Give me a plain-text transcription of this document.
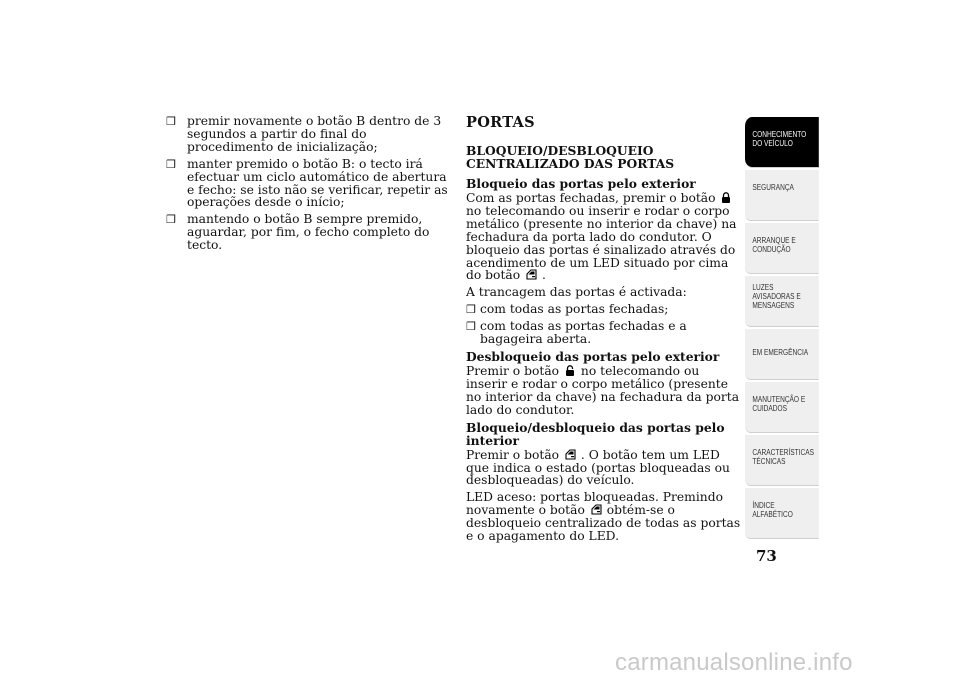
❒ premir novamente o botão B dentro de 3 segundos a partir do final do procedimento de inicialização;
❒ manter premido o botão B: o tecto irá efectuar um ciclo automático de abertura e fecho: se isto não se verificar, repetir as operações desde o início;
❒ mantendo o botão B sempre premido, aguardar, por fim, o fecho completo do tecto.
PORTAS
BLOQUEIO/DESBLOQUEIO CENTRALIZADO DAS PORTAS
Bloqueio das portas pelo exterior

Com as portas fechadas, premir o botão
no telecomando ou inserir e rodar o corpo metálico (presente no interior da chave) na fechadura da porta lado do condutor. O bloqueio das portas é sinalizado através do acendimento de um LED situado por cima do botão .

A trancagem das portas é activada:

❒ com todas as portas fechadas;
❒ com todas as portas fechadas e a bagageira aberta.
Desbloqueio das portas pelo exterior

Premir o botão no telecomando ou inserir e rodar o corpo metálico (presente no interior da chave) na fechadura da porta lado do condutor.

Bloqueio/desbloqueio das portas pelo interior

Premir o botão . O botão tem um LED que indica o estado (portas bloqueadas ou desbloqueadas) do veículo.

LED aceso: portas bloqueadas. Premindo novamente o botão obtém-se o desbloqueio centralizado de todas as portas e o apagamento do LED.

CONHECIMENTO
DO VEÍCULO
SEGURANÇA
ARRANQUE E
CONDUÇÃO
LUZES
AVISADORAS E
MENSAGENS
EM EMERGÊNCIA
MANUTENÇÃO E
CUIDADOS
CARACTERÍSTICAS
TÉCNICAS
ÍNDICE
ALFABÉTICO
73
carmanualsonline.info
